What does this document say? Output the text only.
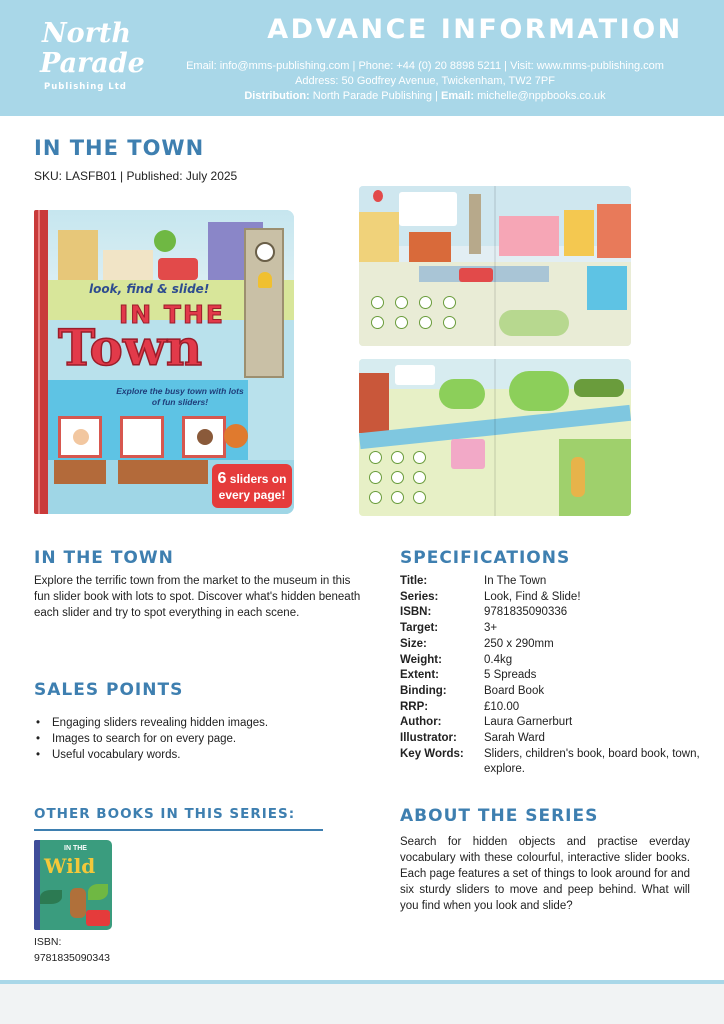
North
Parade
Publishing Ltd
ADVANCE INFORMATION
Email: info@mms-publishing.com | Phone: +44 (0) 20 8898 5211 | Visit: www.mms-publishing.com
Address: 50 Godfrey Avenue, Twickenham, TW2 7PF
Distribution: North Parade Publishing | Email: michelle@nppbooks.co.uk
IN THE TOWN
SKU: LASFB01 | Published: July 2025
look, find & slide!
IN THE
Town
Explore the busy town with lots of fun sliders!
6 sliders on every page!
IN THE TOWN
Explore the terrific town from the market to the museum in this fun slider book with lots to spot. Discover what's hidden beneath each slider and try to spot everything in each scene.
SALES POINTS
• Engaging sliders revealing hidden images.
• Images to search for on every page.
• Useful vocabulary words.
OTHER BOOKS IN THIS SERIES:
IN THE
Wild
ISBN:
9781835090343
SPECIFICATIONS
Title:	In The Town
Series:	Look, Find & Slide!
ISBN:	9781835090336
Target:	3+
Size:	250 x 290mm
Weight:	0.4kg
Extent:	5 Spreads
Binding:	Board Book
RRP:	£10.00
Author:	Laura Garnerburt
Illustrator:	Sarah Ward
Key Words:	Sliders, children's book, board book, town, explore.
ABOUT THE SERIES
Search for hidden objects and practise everday vocabulary with these colourful, interactive slider books. Each page features a set of things to look around for and six sturdy sliders to move and peep behind. What will you find when you look and slide?
